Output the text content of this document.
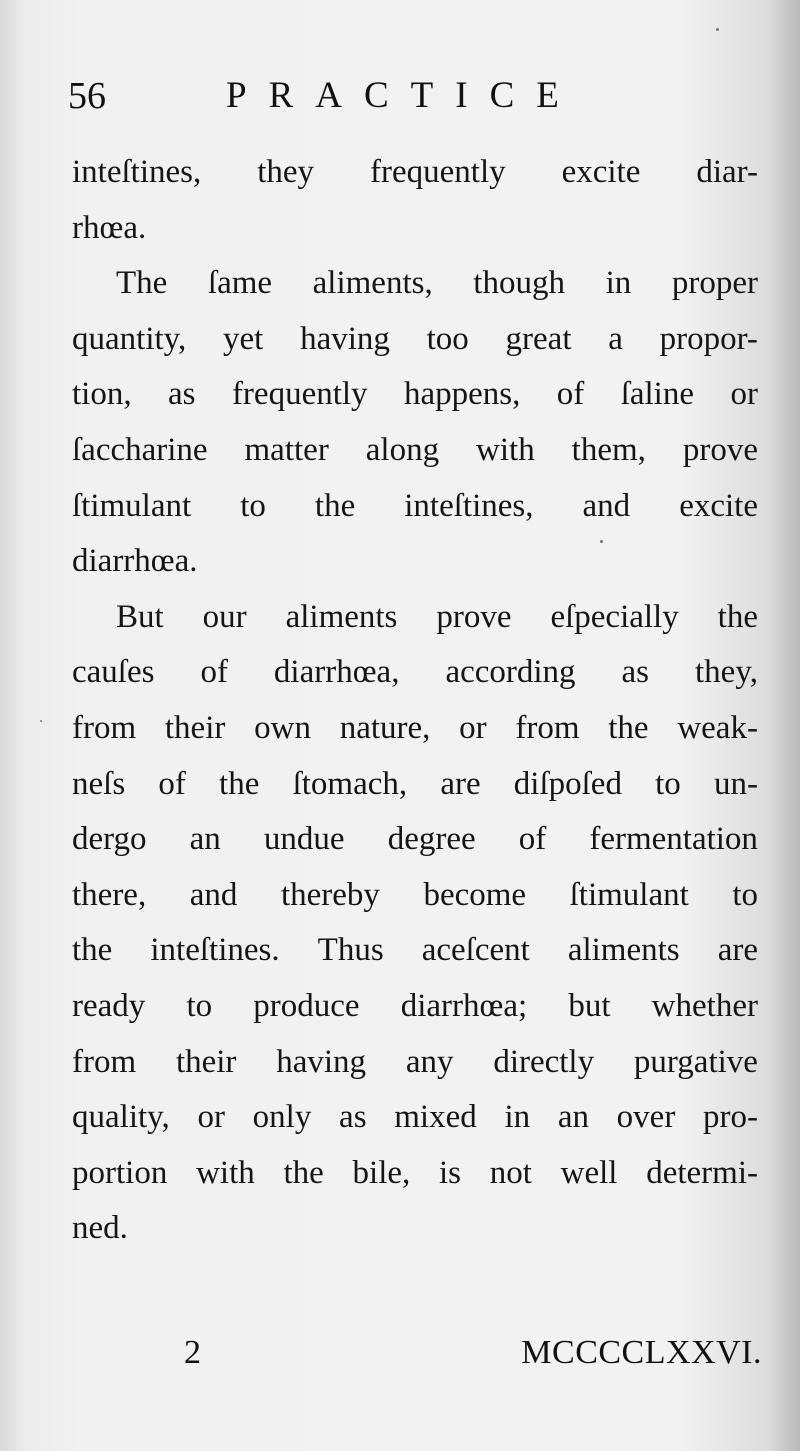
56	PRACTICE
inteſtines, they frequently excite diar-
rhœa.
The ſame aliments, though in proper
quantity, yet having too great a propor-
tion, as frequently happens, of ſaline or
ſaccharine matter along with them, prove
ſtimulant to the inteſtines, and excite
diarrhœa.
But our aliments prove eſpecially the
cauſes of diarrhœa, according as they,
from their own nature, or from the weak-
neſs of the ſtomach, are diſpoſed to un-
dergo an undue degree of fermentation
there, and thereby become ſtimulant to
the inteſtines. Thus aceſcent aliments are
ready to produce diarrhœa; but whether
from their having any directly purgative
quality, or only as mixed in an over pro-
portion with the bile, is not well determi-
ned.
2	MCCCCLXXVI.
